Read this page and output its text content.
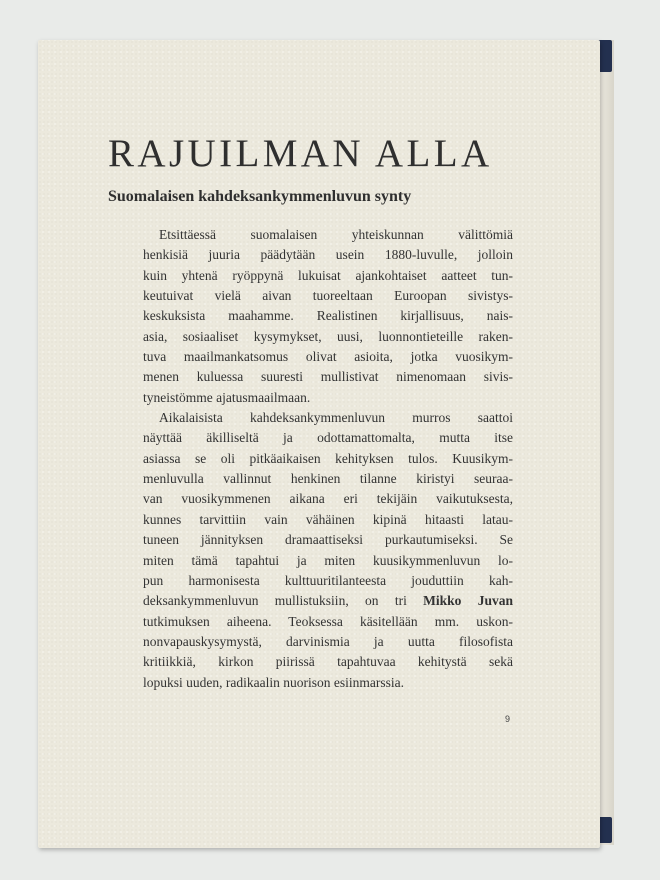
RAJUILMAN ALLA
Suomalaisen kahdeksankymmenluvun synty
Etsittäessä suomalaisen yhteiskunnan välittömiä
henkisiä juuria päädytään usein 1880-luvulle, jolloin
kuin yhtenä ryöppynä lukuisat ajankohtaiset aatteet tun-
keutuivat vielä aivan tuoreeltaan Euroopan sivistys-
keskuksista maahamme. Realistinen kirjallisuus, nais-
asia, sosiaaliset kysymykset, uusi, luonnontieteille raken-
tuva maailmankatsomus olivat asioita, jotka vuosikym-
menen kuluessa suuresti mullistivat nimenomaan sivis-
tyneistömme ajatusmaailmaan.
Aikalaisista kahdeksankymmenluvun murros saattoi
näyttää äkilliseltä ja odottamattomalta, mutta itse
asiassa se oli pitkäaikaisen kehityksen tulos. Kuusikym-
menluvulla vallinnut henkinen tilanne kiristyi seuraa-
van vuosikymmenen aikana eri tekijäin vaikutuksesta,
kunnes tarvittiin vain vähäinen kipinä hitaasti latau-
tuneen jännityksen dramaattiseksi purkautumiseksi. Se
miten tämä tapahtui ja miten kuusikymmenluvun lo-
pun harmonisesta kulttuuritilanteesta jouduttiin kah-
deksankymmenluvun mullistuksiin, on tri Mikko Juvan
tutkimuksen aiheena. Teoksessa käsitellään mm. uskon-
nonvapauskysymystä, darvinismia ja uutta filosofista
kritiikkiä, kirkon piirissä tapahtuvaa kehitystä sekä
lopuksi uuden, radikaalin nuorison esiinmarssia.
9
